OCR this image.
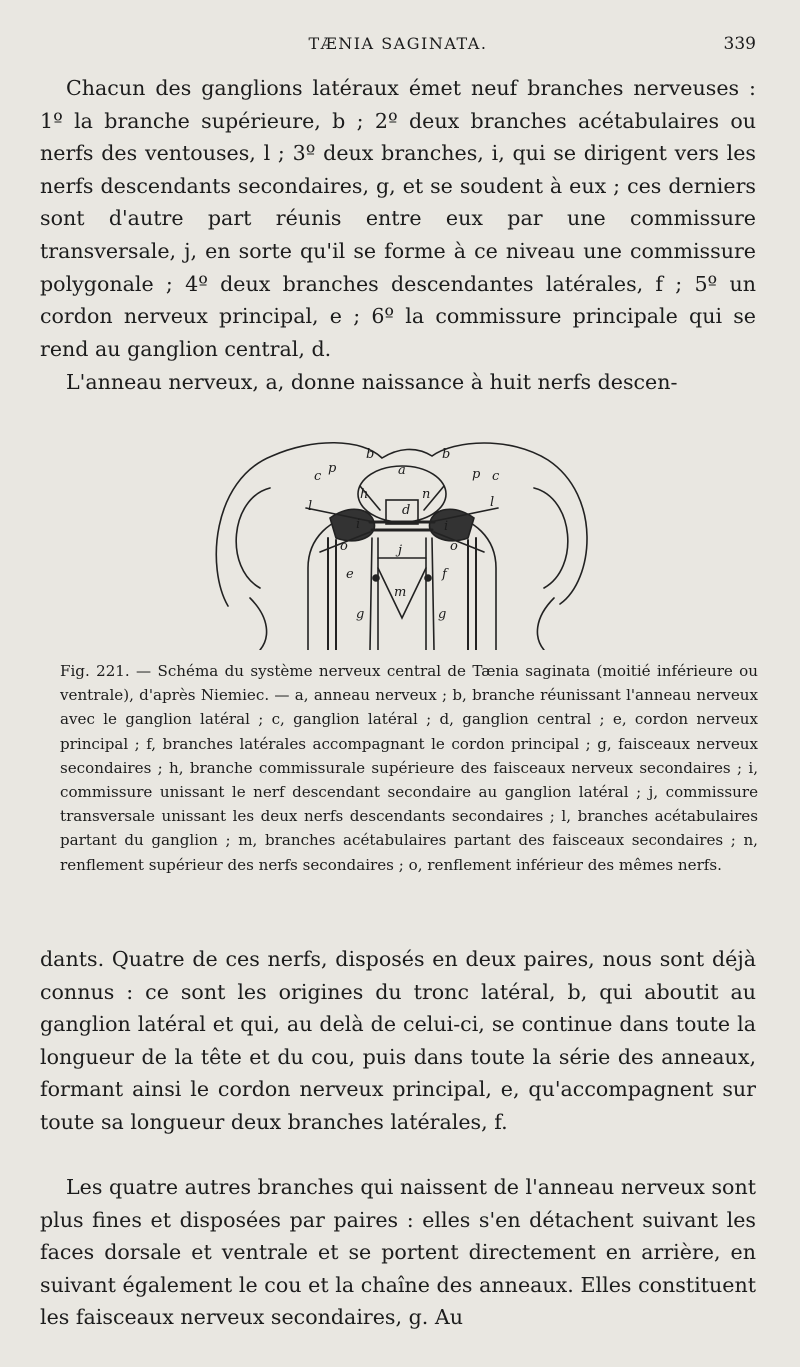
TÆNIA SAGINATA.	339

Chacun des ganglions latéraux émet neuf branches nerveuses : 1º la branche supérieure, b ; 2º deux branches acétabulaires ou nerfs des ventouses, l ; 3º deux branches, i, qui se dirigent vers les nerfs descendants secondaires, g, et se soudent à eux ; ces derniers sont d'autre part réunis entre eux par une commissure transversale, j, en sorte qu'il se forme à ce niveau une commissure polygonale ; 4º deux branches descendantes latérales, f ; 5º un cordon nerveux principal, e ; 6º la commissure principale qui se rend au ganglion central, d.

L'anneau nerveux, a, donne naissance à huit nerfs descen-

a
b	b
c	c
p	p
h
d
n
l	l
i	i
j
o	o
e	f
m
g	g

Fig. 221. — Schéma du système nerveux central de Tænia saginata (moitié inférieure ou ventrale), d'après Niemiec. — a, anneau nerveux ; b, branche réunissant l'anneau nerveux avec le ganglion latéral ; c, ganglion latéral ; d, ganglion central ; e, cordon nerveux principal ; f, branches latérales accompagnant le cordon principal ; g, faisceaux nerveux secondaires ; h, branche commissurale supérieure des faisceaux nerveux secondaires ; i, commissure unissant le nerf descendant secondaire au ganglion latéral ; j, commissure transversale unissant les deux nerfs descendants secondaires ; l, branches acétabulaires partant du ganglion ; m, branches acétabulaires partant des faisceaux secondaires ; n, renflement supérieur des nerfs secondaires ; o, renflement inférieur des mêmes nerfs.

dants. Quatre de ces nerfs, disposés en deux paires, nous sont déjà connus : ce sont les origines du tronc latéral, b, qui aboutit au ganglion latéral et qui, au delà de celui-ci, se continue dans toute la longueur de la tête et du cou, puis dans toute la série des anneaux, formant ainsi le cordon nerveux principal, e, qu'accompagnent sur toute sa longueur deux branches latérales, f.

Les quatre autres branches qui naissent de l'anneau nerveux sont plus fines et disposées par paires : elles s'en détachent suivant les faces dorsale et ventrale et se portent directement en arrière, en suivant également le cou et la chaîne des anneaux. Elles constituent les faisceaux nerveux secondaires, g. Au
